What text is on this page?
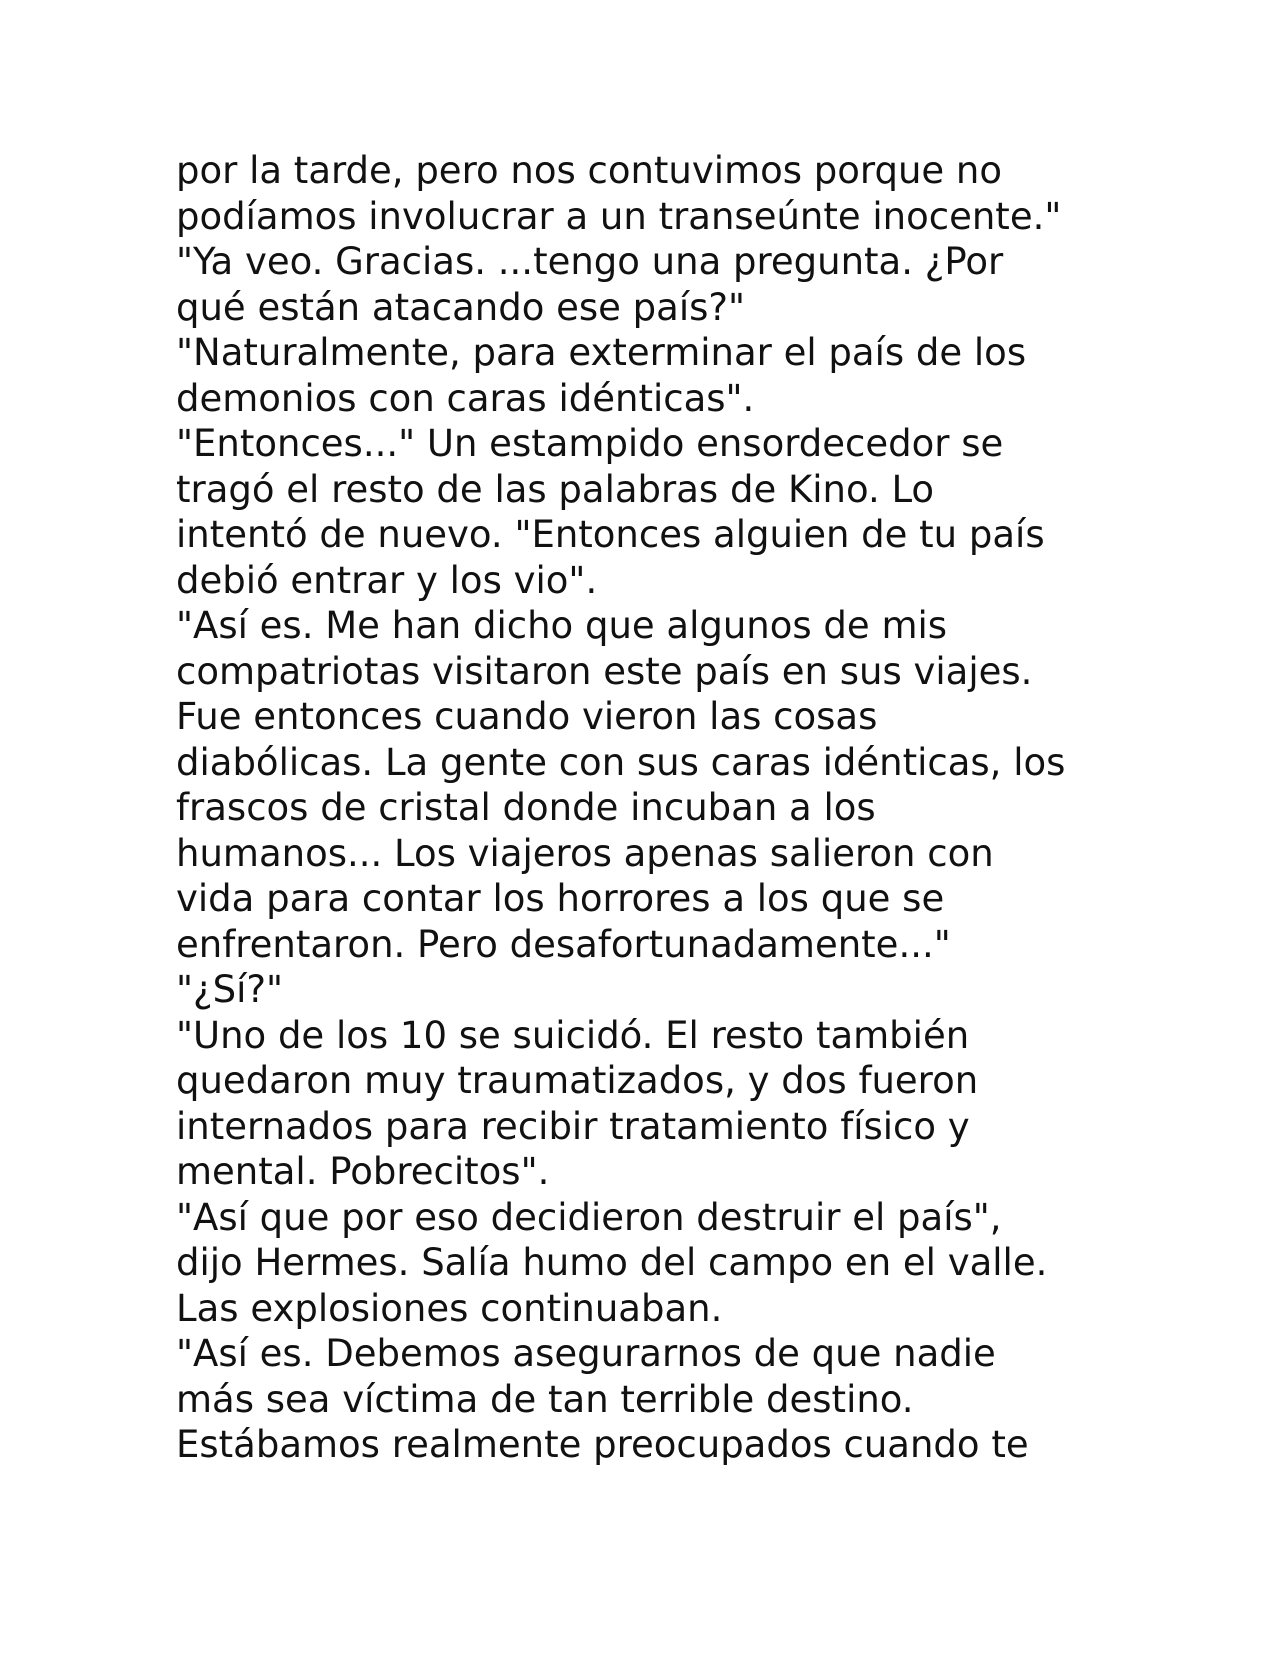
por la tarde, pero nos contuvimos porque no
podíamos involucrar a un transeúnte inocente."
"Ya veo. Gracias. ...tengo una pregunta. ¿Por
qué están atacando ese país?"
"Naturalmente, para exterminar el país de los
demonios con caras idénticas".
"Entonces..." Un estampido ensordecedor se
tragó el resto de las palabras de Kino. Lo
intentó de nuevo. "Entonces alguien de tu país
debió entrar y los vio".
"Así es. Me han dicho que algunos de mis
compatriotas visitaron este país en sus viajes.
Fue entonces cuando vieron las cosas
diabólicas. La gente con sus caras idénticas, los
frascos de cristal donde incuban a los
humanos... Los viajeros apenas salieron con
vida para contar los horrores a los que se
enfrentaron. Pero desafortunadamente..."
"¿Sí?"
"Uno de los 10 se suicidó. El resto también
quedaron muy traumatizados, y dos fueron
internados para recibir tratamiento físico y
mental. Pobrecitos".
"Así que por eso decidieron destruir el país",
dijo Hermes. Salía humo del campo en el valle.
Las explosiones continuaban.
"Así es. Debemos asegurarnos de que nadie
más sea víctima de tan terrible destino.
Estábamos realmente preocupados cuando te
